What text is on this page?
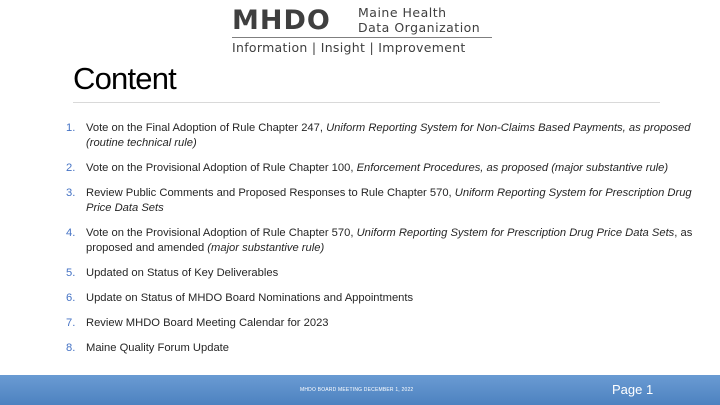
MHDO Maine Health
Data Organization
Information | Insight | Improvement
Content
1. Vote on the Final Adoption of Rule Chapter 247, Uniform Reporting System for Non-Claims Based Payments, as proposed (routine technical rule)
2. Vote on the Provisional Adoption of Rule Chapter 100, Enforcement Procedures, as proposed (major substantive rule)
3. Review Public Comments and Proposed Responses to Rule Chapter 570, Uniform Reporting System for Prescription Drug Price Data Sets
4. Vote on the Provisional Adoption of Rule Chapter 570, Uniform Reporting System for Prescription Drug Price Data Sets, as proposed and amended (major substantive rule)
5. Updated on Status of Key Deliverables
6. Update on Status of MHDO Board Nominations and Appointments
7. Review MHDO Board Meeting Calendar for 2023
8. Maine Quality Forum Update
MHDO BOARD MEETING DECEMBER 1, 2022	Page 1
